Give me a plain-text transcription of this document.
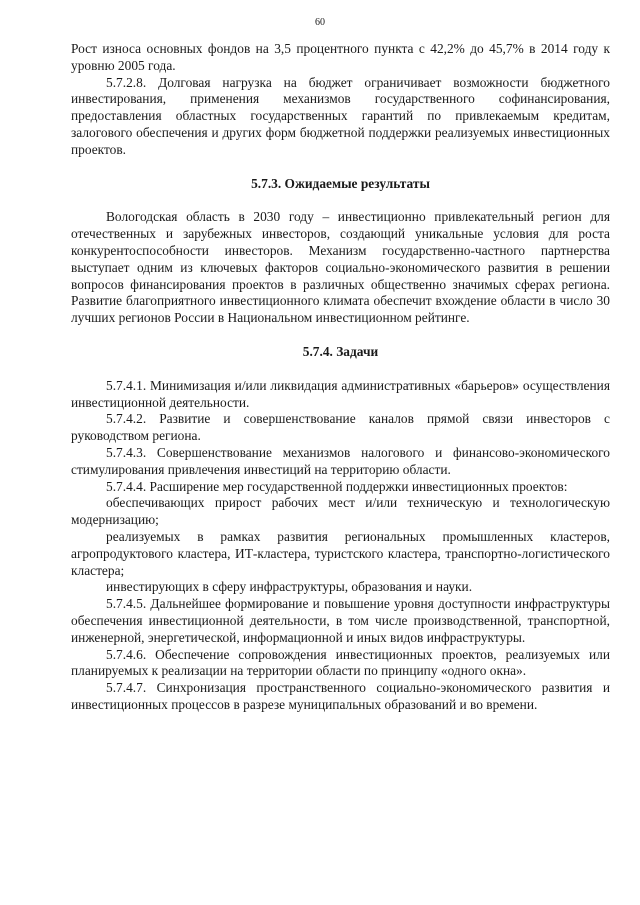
60

Рост износа основных фондов на 3,5 процентного пункта с 42,2% до 45,7% в 2014 году к уровню 2005 года.

5.7.2.8. Долговая нагрузка на бюджет ограничивает возможности бюджетного инвестирования, применения механизмов государственного софинансирования, предоставления областных государственных гарантий по привлекаемым кредитам, залогового обеспечения и других форм бюджетной поддержки реализуемых инвестиционных проектов.

5.7.3. Ожидаемые результаты

Вологодская область в 2030 году – инвестиционно привлекательный регион для отечественных и зарубежных инвесторов, создающий уникальные условия для роста конкурентоспособности инвесторов. Механизм государственно-частного партнерства выступает одним из ключевых факторов социально-экономического развития в решении вопросов финансирования проектов в различных общественно значимых сферах региона. Развитие благоприятного инвестиционного климата обеспечит вхождение области в число 30 лучших регионов России в Национальном инвестиционном рейтинге.

5.7.4. Задачи

5.7.4.1. Минимизация и/или ликвидация административных «барьеров» осуществления инвестиционной деятельности.

5.7.4.2. Развитие и совершенствование каналов прямой связи инвесторов с руководством региона.

5.7.4.3. Совершенствование механизмов налогового и финансово-экономического стимулирования привлечения инвестиций на территорию области.

5.7.4.4. Расширение мер государственной поддержки инвестиционных проектов:

обеспечивающих прирост рабочих мест и/или техническую и технологическую модернизацию;

реализуемых в рамках развития региональных промышленных кластеров, агропродуктового кластера, ИТ-кластера, туристского кластера, транспортно-логистического кластера;

инвестирующих в сферу инфраструктуры, образования и науки.

5.7.4.5. Дальнейшее формирование и повышение уровня доступности инфраструктуры обеспечения инвестиционной деятельности, в том числе производственной, транспортной, инженерной, энергетической, информационной и иных видов инфраструктуры.

5.7.4.6. Обеспечение сопровождения инвестиционных проектов, реализуемых или планируемых к реализации на территории области по принципу «одного окна».

5.7.4.7. Синхронизация пространственного социально-экономического развития и инвестиционных процессов в разрезе муниципальных образований и во времени.
